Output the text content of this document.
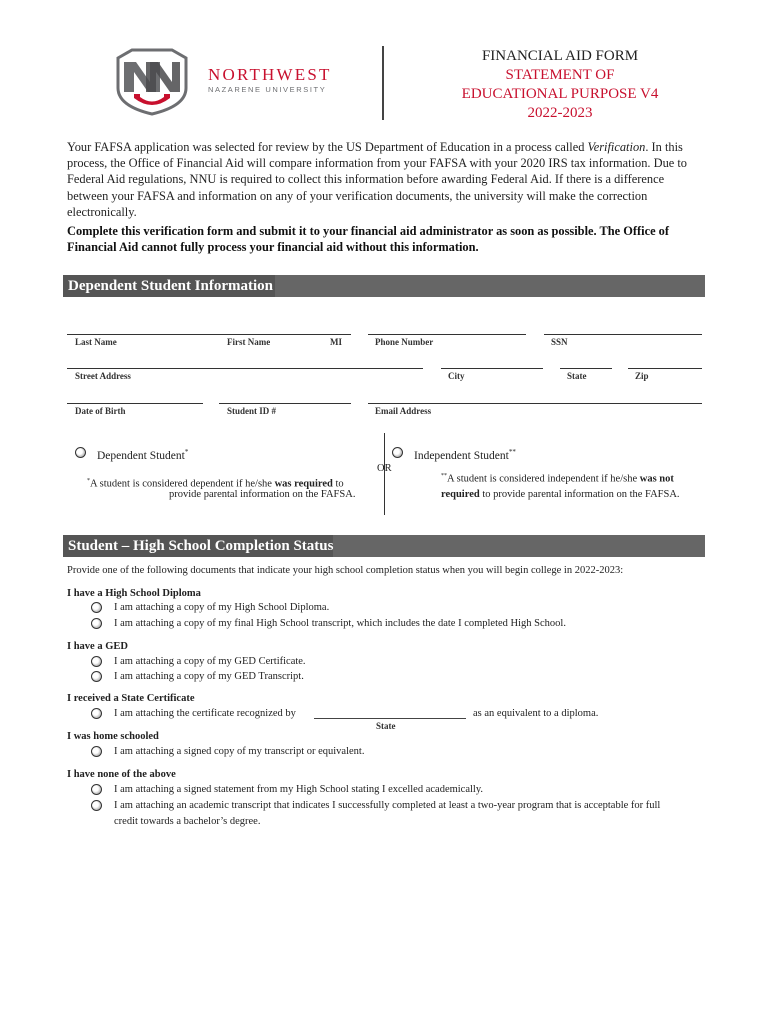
NORTHWEST
NAZARENE UNIVERSITY
FINANCIAL AID FORM
STATEMENT OF
EDUCATIONAL PURPOSE V4
2022-2023
Your FAFSA application was selected for review by the US Department of Education in a process called Verification. In this process, the Office of Financial Aid will compare information from your FAFSA with your 2020 IRS tax information. Due to Federal Aid regulations, NNU is required to collect this information before awarding Federal Aid. If there is a difference between your FAFSA and information on any of your verification documents, the university will make the correction electronically.
Complete this verification form and submit it to your financial aid administrator as soon as possible. The Office of Financial Aid cannot fully process your financial aid without this information.
Dependent Student Information
Last Name	First Name	MI	Phone Number	SSN
Street Address	City	State	Zip
Date of Birth	Student ID #	Email Address
Dependent Student*	Independent Student**
OR
*A student is considered dependent if he/she was required to
provide parental information on the FAFSA.
**A student is considered independent if he/she was not
required to provide parental information on the FAFSA.
Student – High School Completion Status
Provide one of the following documents that indicate your high school completion status when you will begin college in 2022-2023:
I have a High School Diploma
I am attaching a copy of my High School Diploma.
I am attaching a copy of my final High School transcript, which includes the date I completed High School.
I have a GED
I am attaching a copy of my GED Certificate.
I am attaching a copy of my GED Transcript.
I received a State Certificate
I am attaching the certificate recognized by
State
as an equivalent to a diploma.
I was home schooled
I am attaching a signed copy of my transcript or equivalent.
I have none of the above
I am attaching a signed statement from my High School stating I excelled academically.
I am attaching an academic transcript that indicates I successfully completed at least a two-year program that is acceptable for full
credit towards a bachelor’s degree.
